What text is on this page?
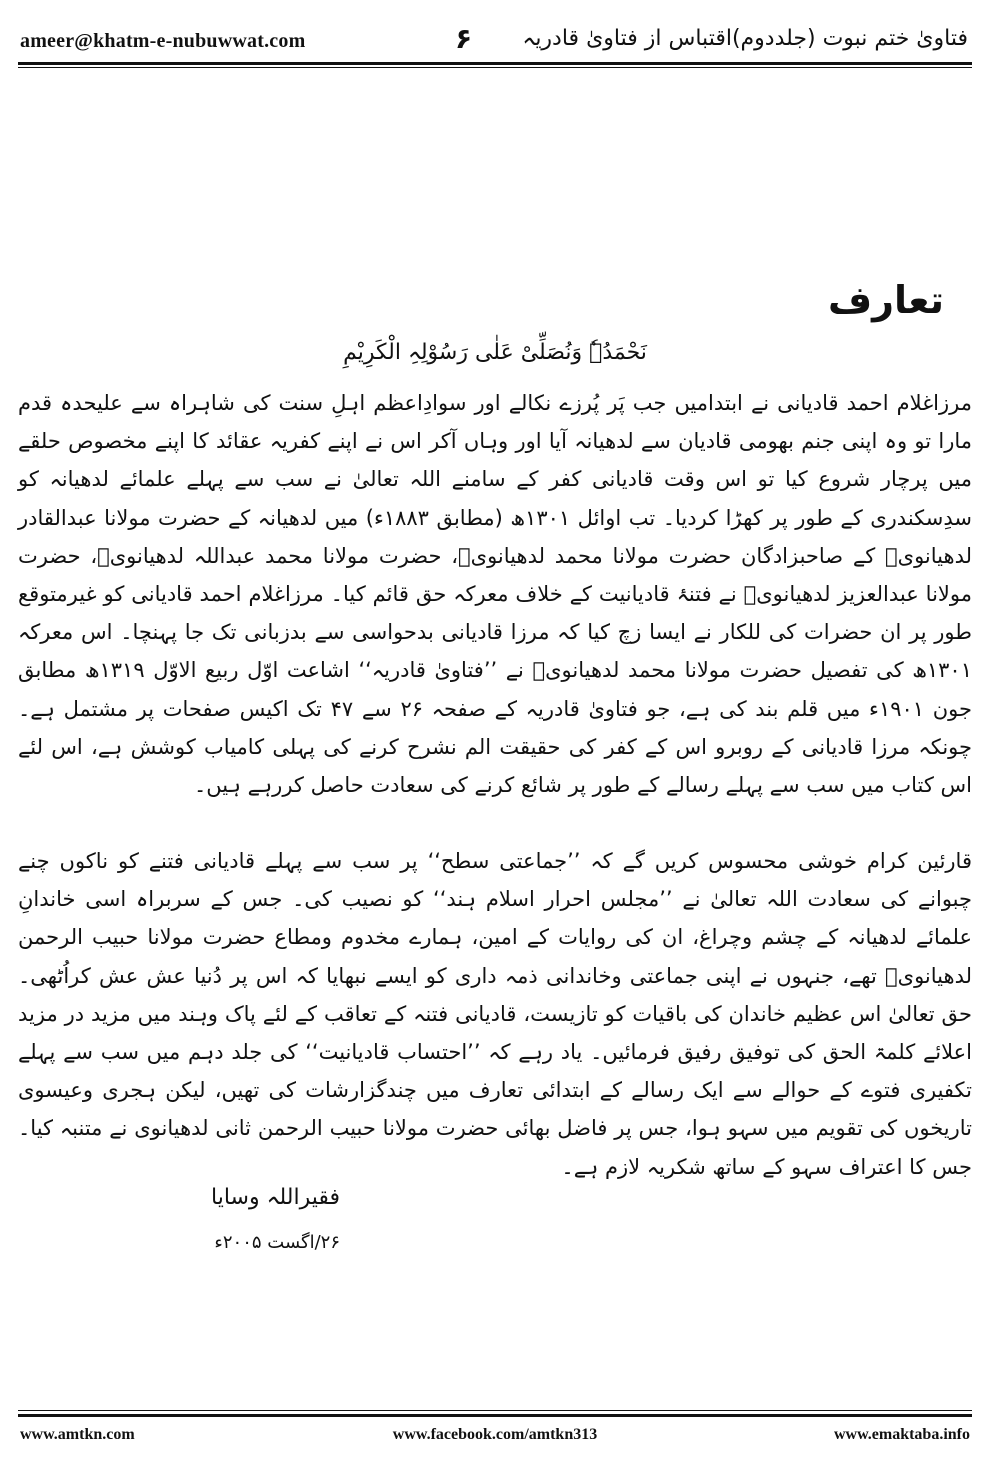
ameer@khatm-e-nubuwwat.com	۶ فتاویٰ ختم نبوت (جلددوم)اقتباس از فتاویٰ قادریہ
تعارف
نَحْمَدُہٗ وَنُصَلِّیْ عَلٰی رَسُوْلِہِ الْکَرِیْمِ
مرزاغلام احمد قادیانی نے ابتدامیں جب پَر پُرزے نکالے اور سوادِاعظم اہلِ سنت کی شاہراہ سے علیحدہ قدم مارا تو وہ اپنی جنم بھومی قادیان سے لدھیانہ آیا اور وہاں آکر اس نے اپنے کفریہ عقائد کا اپنے مخصوص حلقے میں پرچار شروع کیا تو اس وقت قادیانی کفر کے سامنے اللہ تعالیٰ نے سب سے پہلے علمائے لدھیانہ کو سدِسکندری کے طور پر کھڑا کردیا۔ تب اوائل ۱۳۰۱ھ (مطابق ۱۸۸۳ء) میں لدھیانہ کے حضرت مولانا عبدالقادر لدھیانویؒ کے صاحبزادگان حضرت مولانا محمد لدھیانویؒ، حضرت مولانا محمد عبداللہ لدھیانویؒ، حضرت مولانا عبدالعزیز لدھیانویؒ نے فتنۂ قادیانیت کے خلاف معرکہ حق قائم کیا۔ مرزاغلام احمد قادیانی کو غیرمتوقع طور پر ان حضرات کی للکار نے ایسا زچ کیا کہ مرزا قادیانی بدحواسی سے بدزبانی تک جا پہنچا۔ اس معرکہ ۱۳۰۱ھ کی تفصیل حضرت مولانا محمد لدھیانویؒ نے ’’فتاویٰ قادریہ‘‘ اشاعت اوّل ربیع الاوّل ۱۳۱۹ھ مطابق جون ۱۹۰۱ء میں قلم بند کی ہے، جو فتاویٰ قادریہ کے صفحہ ۲۶ سے ۴۷ تک اکیس صفحات پر مشتمل ہے۔ چونکہ مرزا قادیانی کے روبرو اس کے کفر کی حقیقت الم نشرح کرنے کی پہلی کامیاب کوشش ہے، اس لئے اس کتاب میں سب سے پہلے رسالے کے طور پر شائع کرنے کی سعادت حاصل کررہے ہیں۔
قارئین کرام خوشی محسوس کریں گے کہ ’’جماعتی سطح‘‘ پر سب سے پہلے قادیانی فتنے کو ناکوں چنے چبوانے کی سعادت اللہ تعالیٰ نے ’’مجلس احرار اسلام ہند‘‘ کو نصیب کی۔ جس کے سربراہ اسی خاندانِ علمائے لدھیانہ کے چشم وچراغ، ان کی روایات کے امین، ہمارے مخدوم ومطاع حضرت مولانا حبیب الرحمن لدھیانویؒ تھے، جنہوں نے اپنی جماعتی وخاندانی ذمہ داری کو ایسے نبھایا کہ اس پر دُنیا عش عش کراُٹھی۔ حق تعالیٰ اس عظیم خاندان کی باقیات کو تازیست، قادیانی فتنہ کے تعاقب کے لئے پاک وہند میں مزید در مزید اعلائے کلمۃ الحق کی توفیق رفیق فرمائیں۔ یاد رہے کہ ’’احتساب قادیانیت‘‘ کی جلد دہم میں سب سے پہلے تکفیری فتوے کے حوالے سے ایک رسالے کے ابتدائی تعارف میں چندگزارشات کی تھیں، لیکن ہجری وعیسوی تاریخوں کی تقویم میں سہو ہوا، جس پر فاضل بھائی حضرت مولانا حبیب الرحمن ثانی لدھیانوی نے متنبہ کیا۔ جس کا اعتراف سہو کے ساتھ شکریہ لازم ہے۔
فقیراللہ وسایا
۲۶/اگست ۲۰۰۵ء
www.amtkn.com	www.facebook.com/amtkn313	www.emaktaba.info
